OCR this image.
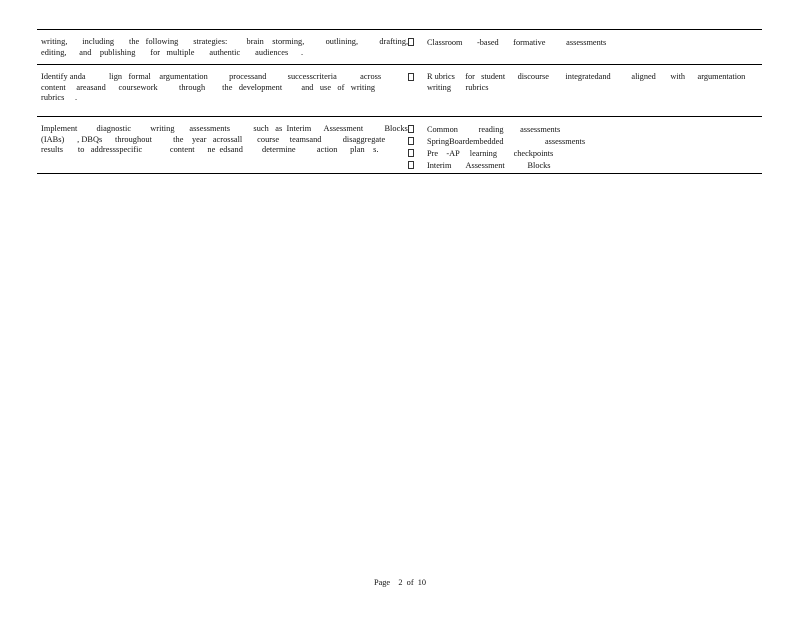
writing,       including       the   following       strategies:         brain    storming,          outlining,          drafting,
editing,      and    publishing       for   multiple       authentic       audiences      .
Classroom       -based       formative          assessments
Identify anda           lign   formal    argumentation          processand          successcriteria           across
content     areasand      coursework          through        the   development         and   use   of   writing
rubrics     .
R ubrics     for   student      discourse        integratedand          aligned       with      argumentation
writing       rubrics
Implement         diagnostic         writing       assessments           such   as  Interim      Assessment          Blocks
(IABs)      , DBQs      throughout          the    year   acrossall       course     teamsand          disaggregate
results       to   addressspecific             content      ne  edsand         determine          action      plan    s.
Common          reading        assessments
SpringBoardembedded                    assessments
Pre    -AP     learning        checkpoints
Interim       Assessment           Blocks
Page    2  of  10
